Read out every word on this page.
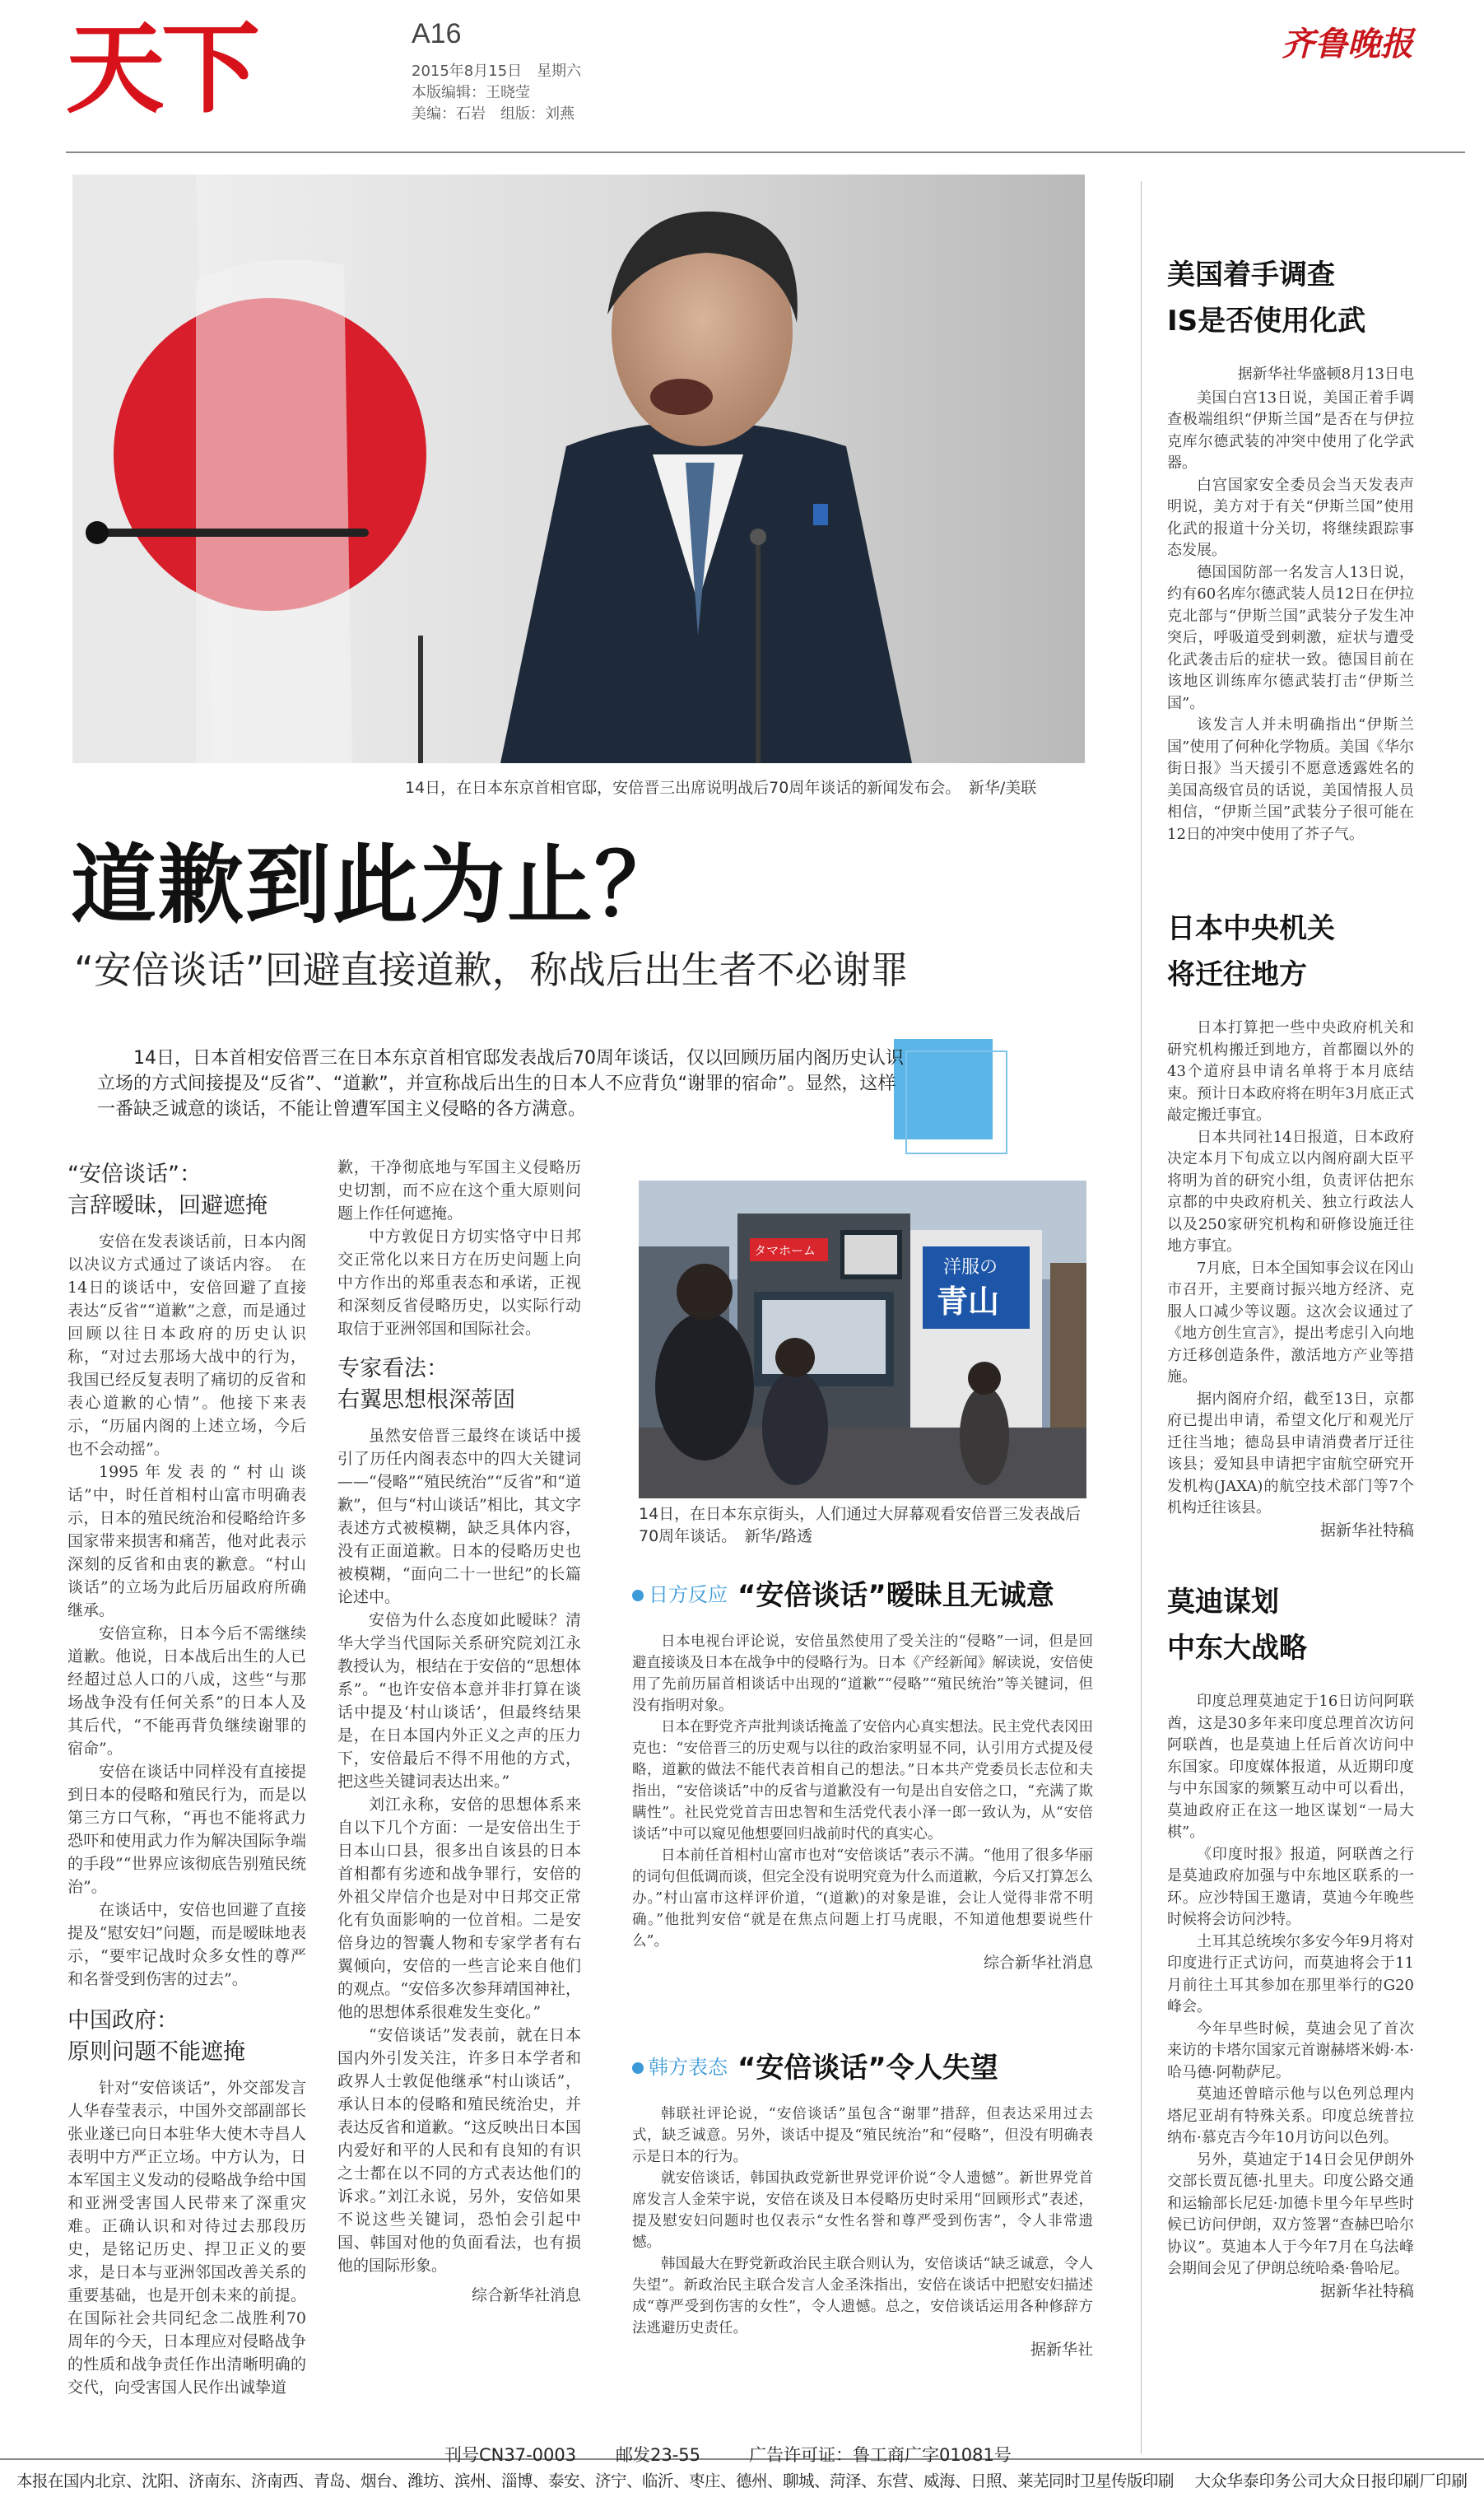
天下	A16
2015年8月15日　星期六
本版编辑：王晓莹
美编：石岩　组版：刘燕
齐鲁晚报
14日，在日本东京首相官邸，安倍晋三出席说明战后70周年谈话的新闻发布会。　新华/美联
道歉到此为止？
“安倍谈话”回避直接道歉，称战后出生者不必谢罪
14日，日本首相安倍晋三在日本东京首相官邸发表战后70周年谈话，仅以回顾历届内阁历史认识立场的方式间接提及“反省”、“道歉”，并宣称战后出生的日本人不应背负“谢罪的宿命”。显然，这样一番缺乏诚意的谈话，不能让曾遭军国主义侵略的各方满意。
“安倍谈话”：
言辞暧昧，回避遮掩

安倍在发表谈话前，日本内阁以决议方式通过了谈话内容。　在14日的谈话中，安倍回避了直接表达“反省”“道歉”之意，而是通过回顾以往日本政府的历史认识称，“对过去那场大战中的行为，我国已经反复表明了痛切的反省和表心道歉的心情”。他接下来表示，“历届内阁的上述立场，今后也不会动摇”。

1995年发表的“村山谈话”中，时任首相村山富市明确表示，日本的殖民统治和侵略给许多国家带来损害和痛苦，他对此表示深刻的反省和由衷的歉意。“村山谈话”的立场为此后历届政府所确继承。

安倍宣称，日本今后不需继续道歉。他说，日本战后出生的人已经超过总人口的八成，这些“与那场战争没有任何关系”的日本人及其后代，“不能再背负继续谢罪的宿命”。

安倍在谈话中同样没有直接提到日本的侵略和殖民行为，而是以第三方口气称，“再也不能将武力恐吓和使用武力作为解决国际争端的手段”“世界应该彻底告别殖民统治”。

在谈话中，安倍也回避了直接提及“慰安妇”问题，而是暧昧地表示，“要牢记战时众多女性的尊严和名誉受到伤害的过去”。

中国政府：
原则问题不能遮掩

针对“安倍谈话”，外交部发言人华春莹表示，中国外交部副部长张业遂已向日本驻华大使木寺昌人表明中方严正立场。中方认为，日本军国主义发动的侵略战争给中国和亚洲受害国人民带来了深重灾难。正确认识和对待过去那段历史，是铭记历史、捍卫正义的要求，是日本与亚洲邻国改善关系的重要基础，也是开创未来的前提。在国际社会共同纪念二战胜利70周年的今天，日本理应对侵略战争的性质和战争责任作出清晰明确的交代，向受害国人民作出诚挚道

歉，干净彻底地与军国主义侵略历史切割，而不应在这个重大原则问题上作任何遮掩。

中方敦促日方切实恪守中日邦交正常化以来日方在历史问题上向中方作出的郑重表态和承诺，正视和深刻反省侵略历史，以实际行动取信于亚洲邻国和国际社会。

专家看法：
右翼思想根深蒂固

虽然安倍晋三最终在谈话中援引了历任内阁表态中的四大关键词——“侵略”“殖民统治”“反省”和“道歉”，但与“村山谈话”相比，其文字表述方式被模糊，缺乏具体内容，没有正面道歉。日本的侵略历史也被模糊，“面向二十一世纪”的长篇论述中。

安倍为什么态度如此暧昧？清华大学当代国际关系研究院刘江永教授认为，根结在于安倍的“思想体系”。“也许安倍本意并非打算在谈话中提及‘村山谈话’，但最终结果是，在日本国内外正义之声的压力下，安倍最后不得不用他的方式，把这些关键词表达出来。”

刘江永称，安倍的思想体系来自以下几个方面：一是安倍出生于日本山口县，很多出自该县的日本首相都有劣迹和战争罪行，安倍的外祖父岸信介也是对中日邦交正常化有负面影响的一位首相。二是安倍身边的智囊人物和专家学者有右翼倾向，安倍的一些言论来自他们的观点。“安倍多次参拜靖国神社，他的思想体系很难发生变化。”

“安倍谈话”发表前，就在日本国内外引发关注，许多日本学者和政界人士敦促他继承“村山谈话”，承认日本的侵略和殖民统治史，并表达反省和道歉。“这反映出日本国内爱好和平的人民和有良知的有识之士都在以不同的方式表达他们的诉求。”刘江永说，另外，安倍如果不说这些关键词，恐怕会引起中国、韩国对他的负面看法，也有损他的国际形象。

综合新华社消息
タマホーム
洋服の
青山
14日，在日本东京街头，人们通过大屏幕观看安倍晋三发表战后70周年谈话。　新华/路透
日方反应 “安倍谈话”暧昧且无诚意

日本电视台评论说，安倍虽然使用了受关注的“侵略”一词，但是回避直接谈及日本在战争中的侵略行为。日本《产经新闻》解读说，安倍使用了先前历届首相谈话中出现的“道歉”“侵略”“殖民统治”等关键词，但没有指明对象。

日本在野党齐声批判谈话掩盖了安倍内心真实想法。民主党代表冈田克也：“安倍晋三的历史观与以往的政治家明显不同，认引用方式提及侵略，道歉的做法不能代表首相自己的想法。”日本共产党委员长志位和夫指出，“安倍谈话”中的反省与道歉没有一句是出自安倍之口，“充满了欺瞒性”。社民党党首吉田忠智和生活党代表小泽一郎一致认为，从“安倍谈话”中可以窥见他想要回归战前时代的真实心。

日本前任首相村山富市也对“安倍谈话”表示不满。“他用了很多华丽的词句但低调而谈，但完全没有说明究竟为什么而道歉，今后又打算怎么办。”村山富市这样评价道，“(道歉)的对象是谁，会让人觉得非常不明确。”他批判安倍“就是在焦点问题上打马虎眼，不知道他想要说些什么”。

综合新华社消息
韩方表态 “安倍谈话”令人失望

韩联社评论说，“安倍谈话”虽包含“谢罪”措辞，但表达采用过去式，缺乏诚意。另外，谈话中提及“殖民统治”和“侵略”，但没有明确表示是日本的行为。

就安倍谈话，韩国执政党新世界党评价说“令人遗憾”。新世界党首席发言人金荣宇说，安倍在谈及日本侵略历史时采用“回顾形式”表述，提及慰安妇问题时也仅表示“女性名誉和尊严受到伤害”，令人非常遗憾。

韩国最大在野党新政治民主联合则认为，安倍谈话“缺乏诚意，令人失望”。新政治民主联合发言人金圣洙指出，安倍在谈话中把慰安妇描述成“尊严受到伤害的女性”，令人遗憾。总之，安倍谈话运用各种修辞方法逃避历史责任。

据新华社
美国着手调查
IS是否使用化武
据新华社华盛顿8月13日电

美国白宫13日说，美国正着手调查极端组织“伊斯兰国”是否在与伊拉克库尔德武装的冲突中使用了化学武器。

白宫国家安全委员会当天发表声明说，美方对于有关“伊斯兰国”使用化武的报道十分关切，将继续跟踪事态发展。

德国国防部一名发言人13日说，约有60名库尔德武装人员12日在伊拉克北部与“伊斯兰国”武装分子发生冲突后，呼吸道受到刺激，症状与遭受化武袭击后的症状一致。德国目前在该地区训练库尔德武装打击“伊斯兰国”。

该发言人并未明确指出“伊斯兰国”使用了何种化学物质。美国《华尔街日报》当天援引不愿意透露姓名的美国高级官员的话说，美国情报人员相信，“伊斯兰国”武装分子很可能在12日的冲突中使用了芥子气。

日本中央机关
将迁往地方

日本打算把一些中央政府机关和研究机构搬迁到地方，首都圈以外的43个道府县申请名单将于本月底结束。预计日本政府将在明年3月底正式敲定搬迁事宜。

日本共同社14日报道，日本政府决定本月下旬成立以内阁府副大臣平将明为首的研究小组，负责评估把东京都的中央政府机关、独立行政法人以及250家研究机构和研修设施迁往地方事宜。

7月底，日本全国知事会议在冈山市召开，主要商讨振兴地方经济、克服人口减少等议题。这次会议通过了《地方创生宣言》，提出考虑引入向地方迁移创造条件，激活地方产业等措施。

据内阁府介绍，截至13日，京都府已提出申请，希望文化厅和观光厅迁往当地；德岛县申请消费者厅迁往该县；爱知县申请把宇宙航空研究开发机构(JAXA)的航空技术部门等7个机构迁往该县。

据新华社特稿
莫迪谋划
中东大战略

印度总理莫迪定于16日访问阿联酋，这是30多年来印度总理首次访问阿联酋，也是莫迪上任后首次访问中东国家。印度媒体报道，从近期印度与中东国家的频繁互动中可以看出，莫迪政府正在这一地区谋划“一局大棋”。

《印度时报》报道，阿联酋之行是莫迪政府加强与中东地区联系的一环。应沙特国王邀请，莫迪今年晚些时候将会访问沙特。

土耳其总统埃尔多安今年9月将对印度进行正式访问，而莫迪将会于11月前往土耳其参加在那里举行的G20峰会。

今年早些时候，莫迪会见了首次来访的卡塔尔国家元首谢赫塔米姆·本·哈马德·阿勒萨尼。

莫迪还曾暗示他与以色列总理内塔尼亚胡有特殊关系。印度总统普拉纳布·慕克吉今年10月访问以色列。

另外，莫迪定于14日会见伊朗外交部长贾瓦德·扎里夫。印度公路交通和运输部长尼廷·加德卡里今年早些时候已访问伊朗，双方签署“查赫巴哈尔协议”。莫迪本人于今年7月在乌法峰会期间会见了伊朗总统哈桑·鲁哈尼。

据新华社特稿
刊号CN37-0003 邮发23-55	广告许可证：鲁工商广字01081号
本报在国内北京、沈阳、济南东、济南西、青岛、烟台、潍坊、滨州、淄博、泰安、济宁、临沂、枣庄、德州、聊城、菏泽、东营、威海、日照、莱芜同时卫星传版印刷 大众华泰印务公司大众日报印刷厂印刷
